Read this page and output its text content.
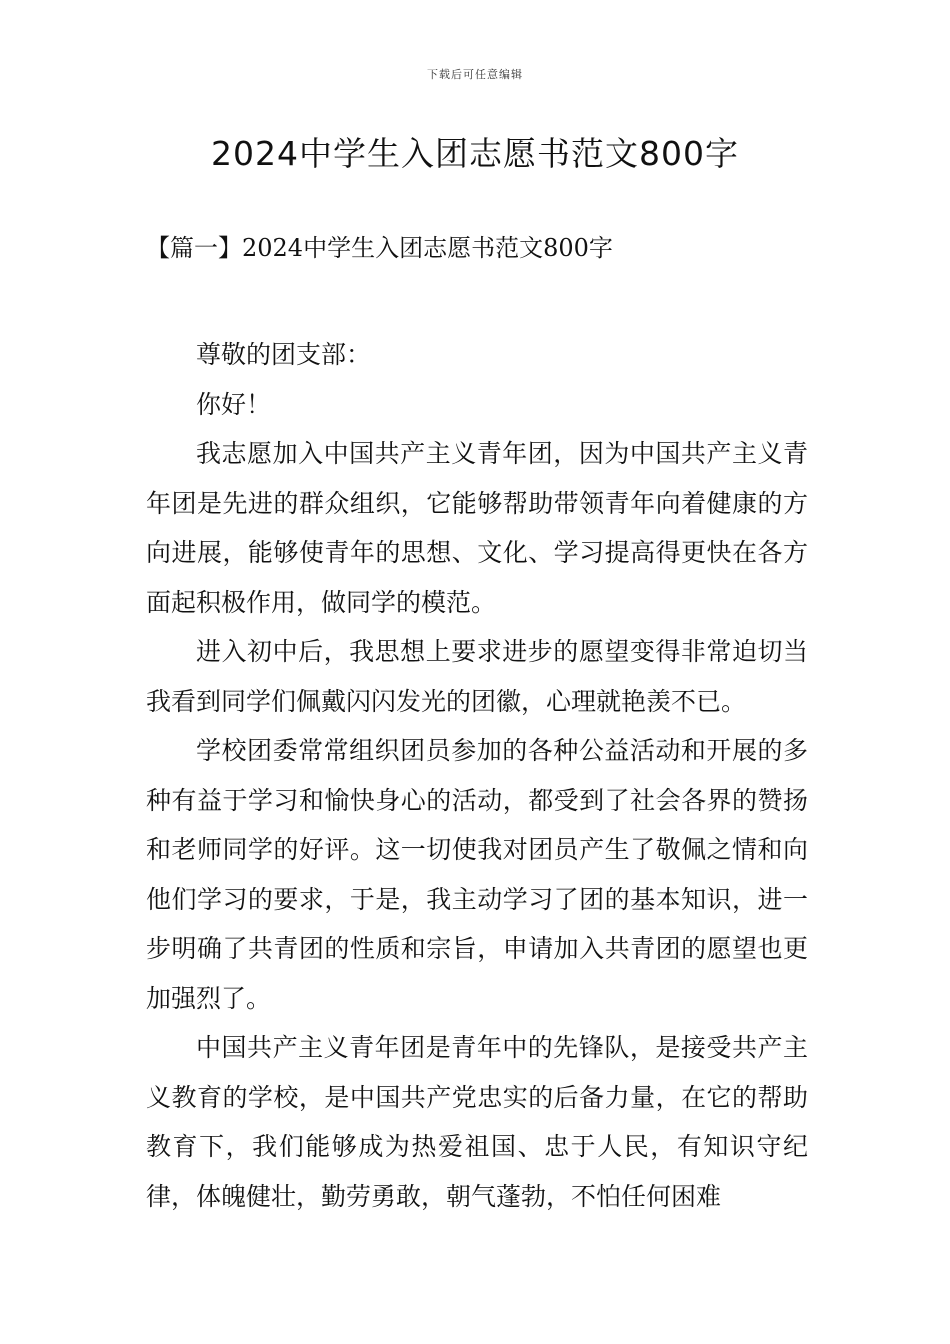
下载后可任意编辑
2024中学生入团志愿书范文800字
【篇一】2024中学生入团志愿书范文800字

尊敬的团支部：

你好！

我志愿加入中国共产主义青年团，因为中国共产主义青年团是先进的群众组织，它能够帮助带领青年向着健康的方向进展，能够使青年的思想、文化、学习提高得更快在各方面起积极作用，做同学的模范。

进入初中后，我思想上要求进步的愿望变得非常迫切当我看到同学们佩戴闪闪发光的团徽，心理就艳羡不已。

学校团委常常组织团员参加的各种公益活动和开展的多种有益于学习和愉快身心的活动，都受到了社会各界的赞扬和老师同学的好评。这一切使我对团员产生了敬佩之情和向他们学习的要求，于是，我主动学习了团的基本知识，进一步明确了共青团的性质和宗旨，申请加入共青团的愿望也更加强烈了。

中国共产主义青年团是青年中的先锋队，是接受共产主义教育的学校，是中国共产党忠实的后备力量，在它的帮助教育下，我们能够成为热爱祖国、忠于人民，有知识守纪律，体魄健壮，勤劳勇敢，朝气蓬勃，不怕任何困难
